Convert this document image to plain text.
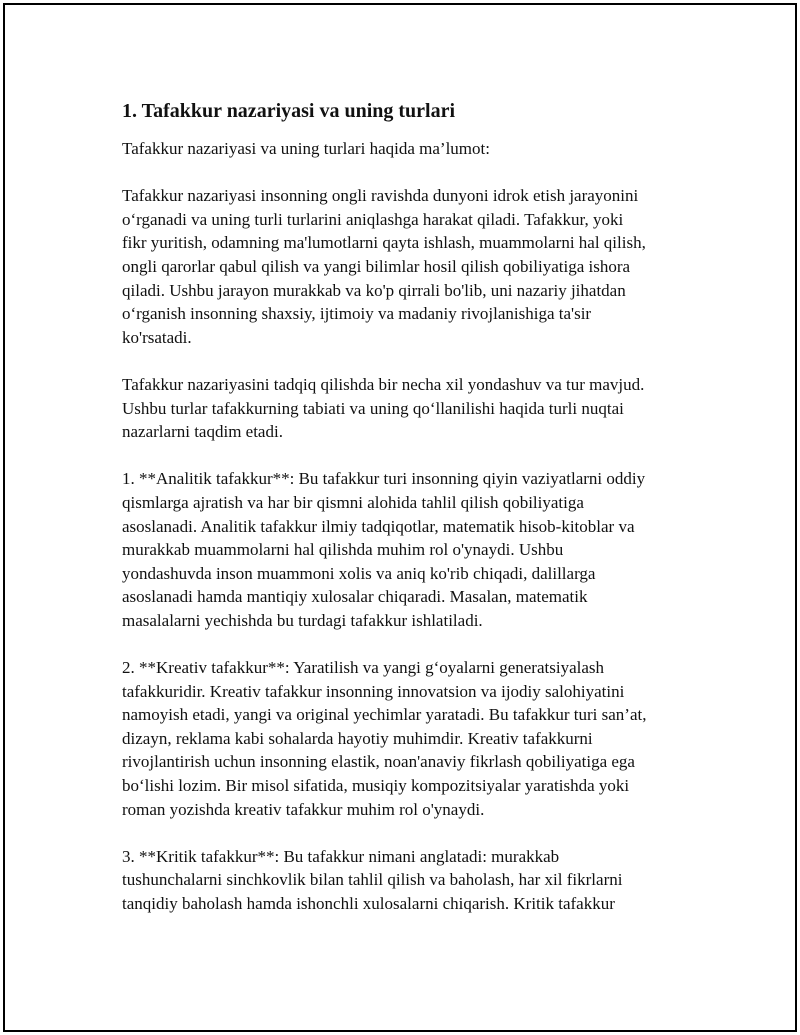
1. Tafakkur nazariyasi va uning turlari
Tafakkur nazariyasi va uning turlari haqida ma’lumot:
Tafakkur nazariyasi insonning ongli ravishda dunyoni idrok etish jarayonini
o‘rganadi va uning turli turlarini aniqlashga harakat qiladi. Tafakkur, yoki
fikr yuritish, odamning ma'lumotlarni qayta ishlash, muammolarni hal qilish,
ongli qarorlar qabul qilish va yangi bilimlar hosil qilish qobiliyatiga ishora
qiladi. Ushbu jarayon murakkab va ko'p qirrali bo'lib, uni nazariy jihatdan
o‘rganish insonning shaxsiy, ijtimoiy va madaniy rivojlanishiga ta'sir
ko'rsatadi.
Tafakkur nazariyasini tadqiq qilishda bir necha xil yondashuv va tur mavjud.
Ushbu turlar tafakkurning tabiati va uning qo‘llanilishi haqida turli nuqtai
nazarlarni taqdim etadi.
1. **Analitik tafakkur**: Bu tafakkur turi insonning qiyin vaziyatlarni oddiy
qismlarga ajratish va har bir qismni alohida tahlil qilish qobiliyatiga
asoslanadi. Analitik tafakkur ilmiy tadqiqotlar, matematik hisob-kitoblar va
murakkab muammolarni hal qilishda muhim rol o'ynaydi. Ushbu
yondashuvda inson muammoni xolis va aniq ko'rib chiqadi, dalillarga
asoslanadi hamda mantiqiy xulosalar chiqaradi. Masalan, matematik
masalalarni yechishda bu turdagi tafakkur ishlatiladi.
2. **Kreativ tafakkur**: Yaratilish va yangi g‘oyalarni generatsiyalash
tafakkuridir. Kreativ tafakkur insonning innovatsion va ijodiy salohiyatini
namoyish etadi, yangi va original yechimlar yaratadi. Bu tafakkur turi san’at,
dizayn, reklama kabi sohalarda hayotiy muhimdir. Kreativ tafakkurni
rivojlantirish uchun insonning elastik, noan'anaviy fikrlash qobiliyatiga ega
bo‘lishi lozim. Bir misol sifatida, musiqiy kompozitsiyalar yaratishda yoki
roman yozishda kreativ tafakkur muhim rol o'ynaydi.
3. **Kritik tafakkur**: Bu tafakkur nimani anglatadi: murakkab
tushunchalarni sinchkovlik bilan tahlil qilish va baholash, har xil fikrlarni
tanqidiy baholash hamda ishonchli xulosalarni chiqarish. Kritik tafakkur
